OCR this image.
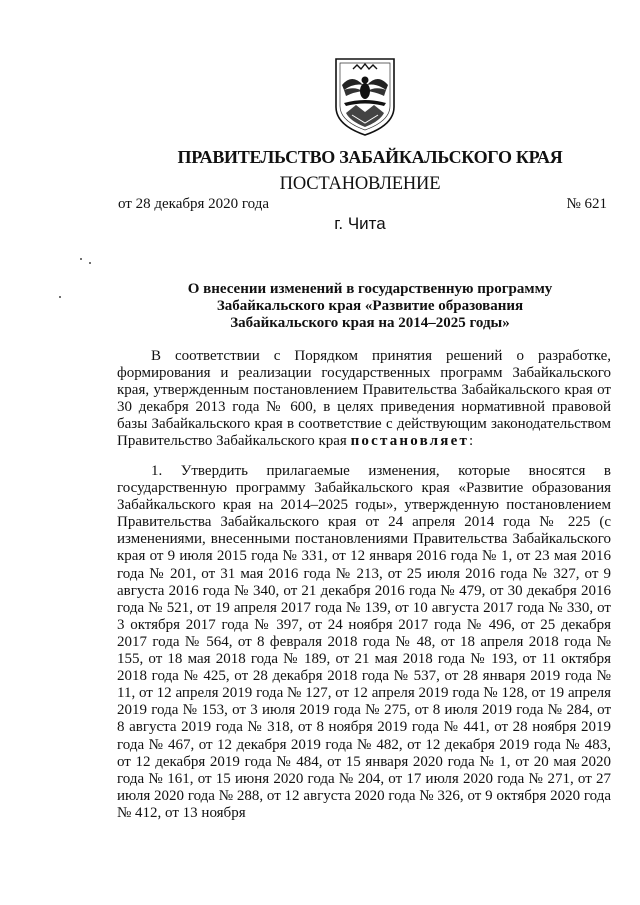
ПРАВИТЕЛЬСТВО ЗАБАЙКАЛЬСКОГО КРАЯ
ПОСТАНОВЛЕНИЕ
от 28 декабря 2020 года	№ 621
г. Чита
О внесении изменений в государственную программу
Забайкальского края «Развитие образования
Забайкальского края на 2014–2025 годы»
В соответствии с Порядком принятия решений о разработке, формирования и реализации государственных программ Забайкальского края, утвержденным постановлением Правительства Забайкальского края от 30 декабря 2013 года № 600, в целях приведения нормативной правовой базы Забайкальского края в соответствие с действующим законодательством Правительство Забайкальского края постановляет:
1. Утвердить прилагаемые изменения, которые вносятся в государственную программу Забайкальского края «Развитие образования Забайкальского края на 2014–2025 годы», утвержденную постановлением Правительства Забайкальского края от 24 апреля 2014 года № 225 (с изменениями, внесенными постановлениями Правительства Забайкальского края от 9 июля 2015 года № 331, от 12 января 2016 года № 1, от 23 мая 2016 года № 201, от 31 мая 2016 года № 213, от 25 июля 2016 года № 327, от 9 августа 2016 года № 340, от 21 декабря 2016 года № 479, от 30 декабря 2016 года № 521, от 19 апреля 2017 года № 139, от 10 августа 2017 года № 330, от 3 октября 2017 года № 397, от 24 ноября 2017 года № 496, от 25 декабря 2017 года № 564, от 8 февраля 2018 года № 48, от 18 апреля 2018 года № 155, от 18 мая 2018 года № 189, от 21 мая 2018 года № 193, от 11 октября 2018 года № 425, от 28 декабря 2018 года № 537, от 28 января 2019 года № 11, от 12 апреля 2019 года № 127, от 12 апреля 2019 года № 128, от 19 апреля 2019 года № 153, от 3 июля 2019 года № 275, от 8 июля 2019 года № 284, от 8 августа 2019 года № 318, от 8 ноября 2019 года № 441, от 28 ноября 2019 года № 467, от 12 декабря 2019 года № 482, от 12 декабря 2019 года № 483, от 12 декабря 2019 года № 484, от 15 января 2020 года № 1, от 20 мая 2020 года № 161, от 15 июня 2020 года № 204, от 17 июля 2020 года № 271, от 27 июля 2020 года № 288, от 12 августа 2020 года № 326, от 9 октября 2020 года № 412, от 13 ноября
